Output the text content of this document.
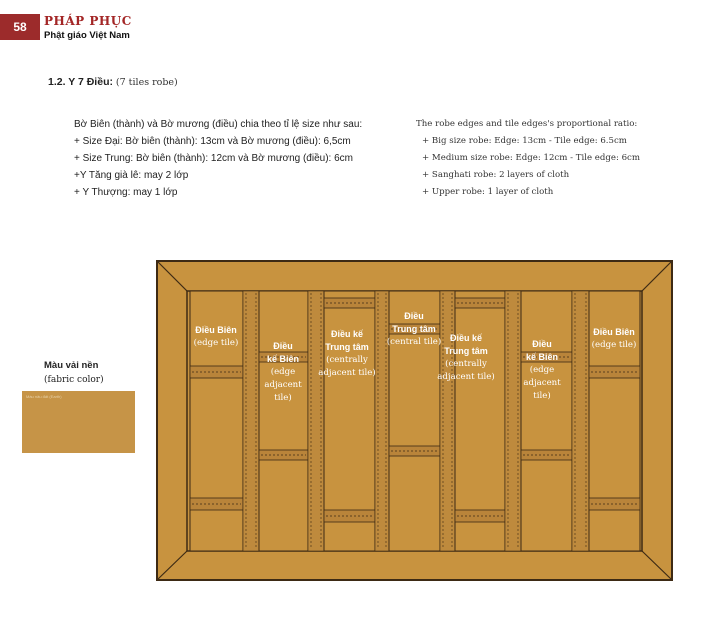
58 PHÁP PHỤC
Phật giáo Việt Nam
1.2. Y 7 Điều: (7 tiles robe)
Bờ Biên (thành) và Bờ mương (điều) chia theo tỉ lệ size như sau:
+ Size Đại: Bờ biên (thành): 13cm và Bờ mương (điều): 6,5cm
+ Size Trung: Bờ biên (thành): 12cm và Bờ mương (điều): 6cm
+Y Tăng già lê: may 2 lớp
+ Y Thượng: may 1 lớp
The robe edges and tile edges's proportional ratio:
+ Big size robe: Edge: 13cm - Tile edge: 6.5cm
+ Medium size robe: Edge: 12cm - Tile edge: 6cm
+ Sanghati robe: 2 layers of cloth
+ Upper robe: 1 layer of cloth
Màu vải nền
(fabric color)
Màu nâu đất (Earth)
Điều Biên
(edge tile)	Điều
kế Biên
(edge
adjacent
tile)
Điều kế
Trung tâm
(centrally
adjacent tile)
Điều
Trung tâm
(central tile) Điều kế
Trung tâm
(centrally
adjacent tile)
Điều
kế Biên
(edge
adjacent
tile)
Điều Biên
(edge tile)
